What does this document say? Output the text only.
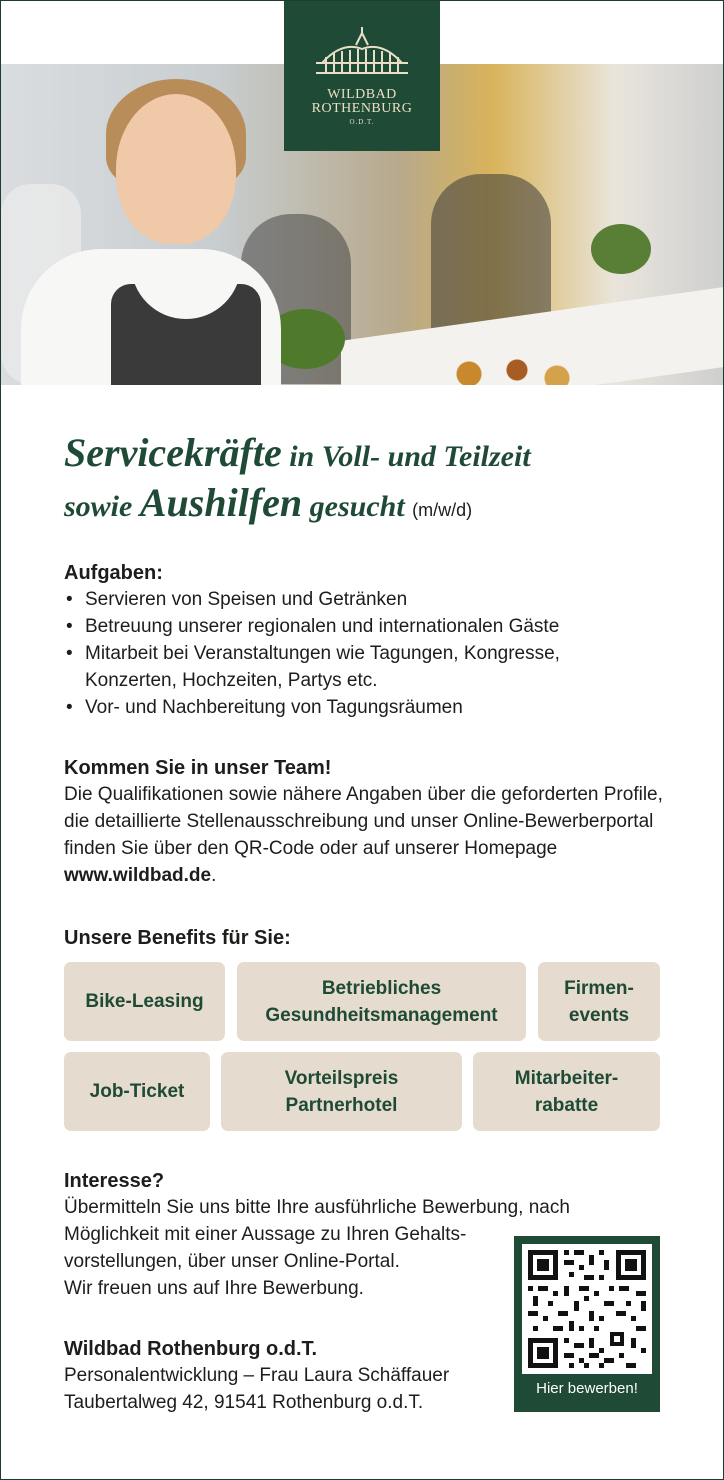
WILDBAD
ROTHENBURG
O.D.T.
Servicekräfte in Voll- und Teilzeit
sowie Aushilfen gesucht (m/w/d)
Aufgaben:
• Servieren von Speisen und Getränken
• Betreuung unserer regionalen und internationalen Gäste
• Mitarbeit bei Veranstaltungen wie Tagungen, Kongresse, Konzerten, Hochzeiten, Partys etc.
• Vor- und Nachbereitung von Tagungsräumen
Kommen Sie in unser Team!
Die Qualifikationen sowie nähere Angaben über die geforderten Profile, die detaillierte Stellenausschreibung und unser Online-Bewerberportal finden Sie über den QR-Code oder auf unserer Homepage www.wildbad.de.
Unsere Benefits für Sie:
Bike-Leasing
Betriebliches
Gesundheitsmanagement
Firmen-
events
Job-Ticket
Vorteilspreis
Partnerhotel
Mitarbeiter-
rabatte
Interesse?
Übermitteln Sie uns bitte Ihre ausführliche Bewerbung, nach
Möglichkeit mit einer Aussage zu Ihren Gehalts-
vorstellungen, über unser Online-Portal.
Wir freuen uns auf Ihre Bewerbung.
Wildbad Rothenburg o.d.T.
Personalentwicklung – Frau Laura Schäffauer
Taubertalweg 42, 91541 Rothenburg o.d.T.
Hier bewerben!
